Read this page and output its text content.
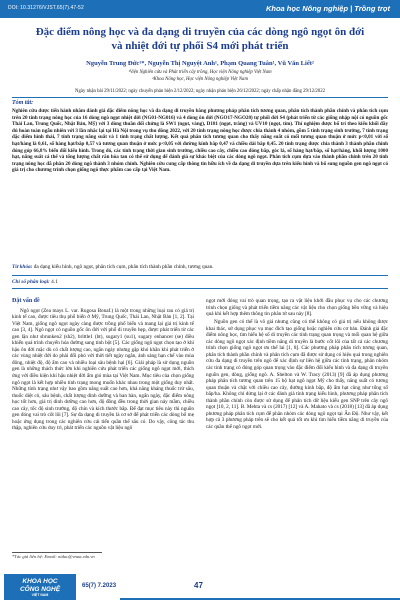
DOI: 10.31276/VJST.65(7).47-52	Khoa học Nông nghiệp | Trồng trọt
Đặc điểm nông học và đa dạng di truyền của các dòng ngô ngọt ôn đới và nhiệt đới tự phối S4 mới phát triển
Nguyễn Trung Đức¹*, Nguyễn Thị Nguyệt Anh¹, Phạm Quang Tuân¹, Vũ Văn Liết²
¹Viện Nghiên cứu và Phát triển cây trồng, Học viện Nông nghiệp Việt Nam
²Khoa Nông học, Học viện Nông nghiệp Việt Nam
Ngày nhận bài 29/11/2022; ngày chuyển phản biện 2/12/2022; ngày nhận phản biện 26/12/2022; ngày chấp nhận đăng 29/12/2022
Tóm tắt:
Nghiên cứu được tiến hành nhằm đánh giá đặc điểm nông học và đa dạng di truyền bằng phương pháp phân tích tương quan, phân tích thành phần chính và phân tích cụm trên 20 tính trạng nông học của 16 dòng ngô ngọt nhiệt đới (NG01-NG016) và 4 dòng ôn đới (NGO17-NGO20) tự phối đời S4 (phát triển từ các giống nhập nội có nguồn gốc Thái Lan, Trung Quốc, Nhật Bản, Mỹ) với 3 dòng thuần đối chứng là SW1 (ngọt, vàng), D181 (ngọt, trắng) và UV10 (ngọt, tím). Thí nghiệm được bố trí theo kiểu khối đầy đủ hoàn toàn ngẫu nhiên với 3 lần nhắc lại tại Hà Nội trong vụ thu đông 2022, với 20 tính trạng nông học được chia thành 4 nhóm, gồm 5 tính trạng sinh trưởng, 7 tính trạng đặc điểm hình thái, 7 tính trạng năng suất và 1 tính trạng chất lượng. Kết quả phân tích tương quan cho thấy năng suất có mối tương quan thuận ở mức p<0,01 với số hạt/hàng là 0,61, số hàng hạt/bắp 0,57 và tương quan thuận ở mức p<0,05 với đường kính bắp 0,47 và chiều dài bắp 0,45. 20 tính trạng được chia thành 3 thành phần chính đóng góp 66,8% biến đổi kiểu hình. Trong đó, các tính trạng thời gian sinh trưởng, chiều cao cây, chiều cao đóng bắp, góc lá, số hàng hạt/bắp, số hạt/hàng, khối lượng 1000 hạt, năng suất cá thể và tổng lượng chất rắn hòa tan có thể sử dụng để đánh giá sự khác biệt của các dòng ngô ngọt. Phân tích cụm dựa vào thành phần chính trên 20 tính trạng nông học đã phân 20 dòng ngô thành 3 nhóm chính. Nghiên cứu cung cấp thông tin hữu ích về đa dạng di truyền dựa trên kiểu hình và bổ sung nguồn gen ngô ngọt có giá trị cho chương trình chọn giống ngô thực phẩm cao cấp tại Việt Nam.
Từ khóa: đa dạng kiểu hình, ngô ngọt, phân tích cụm, phân tích thành phần chính, tương quan.
Chỉ số phân loại: 4.1
Đặt vấn đề

Ngô ngọt (Zea mays L. var. Rugosa Bonaf.) là một trong những loại rau có giá trị kinh tế cao, được tiêu thụ phổ biến ở Mỹ, Trung Quốc, Thái Lan, Nhật Bản [1, 2]. Tại Việt Nam, giống ngô ngọt ngày càng được trồng phổ biến và mang lại giá trị kinh tế cao [3, 4]. Ngô ngọt có nguồn gốc ôn đới với phổ di truyền hẹp, được phát triển từ các gen lặn như shrunken2 (sh2), brittle1 (bt), sugary1 (su1), sugary enhancer (se) điều khiển quá trình chuyển hóa đường sang tinh bột [5]. Các giống ngô ngọt chọn tạo ở khí hậu ôn đới mặc dù có chất lượng cao, ngắn ngày nhưng gặp khó khăn khi phát triển ở các vùng nhiệt đới do phải đối phó với thời tiết ngày ngắn, ảnh sáng hạn chế vào mùa đông, nhiệt độ, độ ẩm cao và nhiều loại sâu bệnh hại [6]. Giải pháp là sử dụng nguồn gen là những thách thức lớn khi nghiên cứu phát triển các giống ngô ngọt mới, thích ứng với điều kiện khí hậu nhiệt đới ẩm gió mùa tại Việt Nam. Mục tiêu của chọn giống ngô ngọt là kết hợp nhiều tính trạng mong muốn khác nhau trong một giống duy nhất. Những tính trạng như vậy bao gồm năng suất cao hơn, khả năng kháng thuốc trừ sâu, thuốc diệt cỏ, sâu bệnh, chất lượng dinh dưỡng và ban hàn, ngắn ngày, đặc điểm nông học tốt hơn, giá trị dinh dưỡng cao hơn, độ đồng đều trong thời gian nảy mầm, chiều cao cây, tốc độ sinh trưởng, độ chín và kích thước bắp. Để đạt mục tiêu này thì nguồn gen đóng vai trò cốt lõi [7]. Sự đa dạng di truyền là cơ sở để phát triển các dòng bố mẹ hoặc ứng dụng trong các nghiên cứu cải tiến quần thể sâu có. Do vậy, công tác thu thập, nghiên cứu duy trì, phát triển các nguồn vật liệu ngô

ngọt mới đóng vai trò quan trọng, tạo ra vật liệu khởi đầu phục vụ cho các chương trình chọn giống và phát triển tiềm năng các vật liệu cho chọn giống bền vững và hiệu quả khi kết hợp thêm thông tin phân tử sau này [8].

Nguồn gen có thể là vô giá nhưng cũng có thể không có giá trị nếu không được khai thác, sử dụng phục vụ mục đích tạo giống hoặc nghiên cứu cơ bản. Đánh giá đặc điểm nông học, tìm hiểu hệ số di truyền các tính trạng quan trọng và mối quan hệ giữa các dòng ngô ngọt xác định tiềm năng di truyền là bước cốt lõi của tất cả các chương trình chọn giống ngô ngọt ưu thế lai [1, 8]. Các phương pháp phân tích tương quan, phân tích thành phần chính và phân tích cụm đã được sử dụng có hiệu quả trong nghiên cứu đa dạng di truyền trên ngô để xác định sự liên hệ giữa các tính trạng, phân nhóm các tính trạng có đóng góp quan trọng vào đặc điểm đối kiểu hình và đa dạng di truyền nguồn gen, dòng, giống ngô. A. Shelton và W. Tracy (2013) [9] đã áp dụng phương pháp phân tích tương quan trên 15 bộ hạt ngô ngọt Mỹ cho thấy, năng suất có tương quan thuận và chặt với chiều cao cây, đường kính bắp, độ ẩm hạt cũng như tổng số bắp/ha. Không chỉ dừng lại ở các đánh giá tính trạng kiểu hình, phương pháp phân tích thành phần chính còn được sử dụng để phân tích dữ liệu kiểu gen SNP trên cây ngô ngọt [10, 2, 11]. B. Mehta và cs (2017) [12] và A. Mahato và cs (2018) [13] đã áp dụng phương pháp phân tích cụm để phân nhóm các dòng ngô ngọt tại Ấn Độ. Như vậy, kết hợp cả 3 phương pháp trên sẽ cho kết quả tốt ưu khi tìm hiểu tiềm năng di truyền của các quần thể ngô ngọt mới.

*Tác giả liên hệ: Email: ntduc@vnua.edu.vn
KHOA HỌC
CÔNG NGHỆ
VIỆT NAM
65(7) 7.2023	47
